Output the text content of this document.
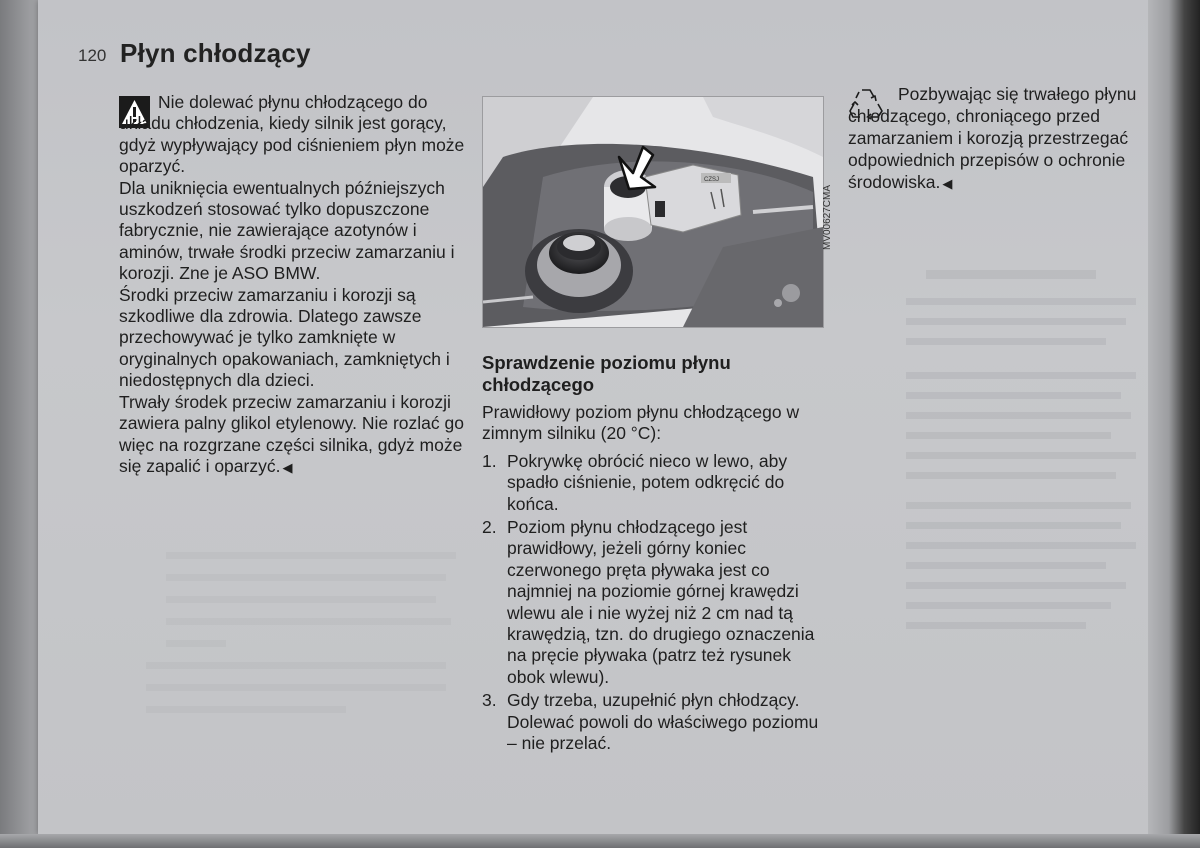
120 Płyn chłodzący

Nie dolewać płynu chłodzącego do układu chłodzenia, kiedy silnik jest gorący, gdyż wypływający pod ciśnieniem płyn może oparzyć.

Dla uniknięcia ewentualnych późniejszych uszkodzeń stosować tylko dopuszczone fabrycznie, nie zawierające azotynów i aminów, trwałe środki przeciw zamarzaniu i korozji. Zne je ASO BMW.

Środki przeciw zamarzaniu i korozji są szkodliwe dla zdrowia. Dlatego zawsze przechowywać je tylko zamknięte w oryginalnych opakowaniach, zamkniętych i niedostępnych dla dzieci.

Trwały środek przeciw zamarzaniu i korozji zawiera palny glikol etylenowy. Nie rozlać go więc na rozgrzane części silnika, gdyż może się zapalić i oparzyć. ◀

CZSJ
MV00627CMA
Sprawdzenie poziomu płynu chłodzącego

Prawidłowy poziom płynu chłodzącego w zimnym silniku (20 °C):

1. Pokrywkę obrócić nieco w lewo, aby spadło ciśnienie, potem odkręcić do końca.
2. Poziom płynu chłodzącego jest prawidłowy, jeżeli górny koniec czerwonego pręta pływaka jest co najmniej na poziomie górnej krawędzi wlewu ale i nie wyżej niż 2 cm nad tą krawędzią, tzn. do drugiego oznaczenia na pręcie pływaka (patrz też rysunek obok wlewu).
3. Gdy trzeba, uzupełnić płyn chłodzący. Dolewać powoli do właściwego poziomu – nie przelać.

Pozbywając się trwałego płynu chłodzącego, chroniącego przed zamarzaniem i korozją przestrzegać odpowiednich przepisów o ochronie środowiska. ◀
